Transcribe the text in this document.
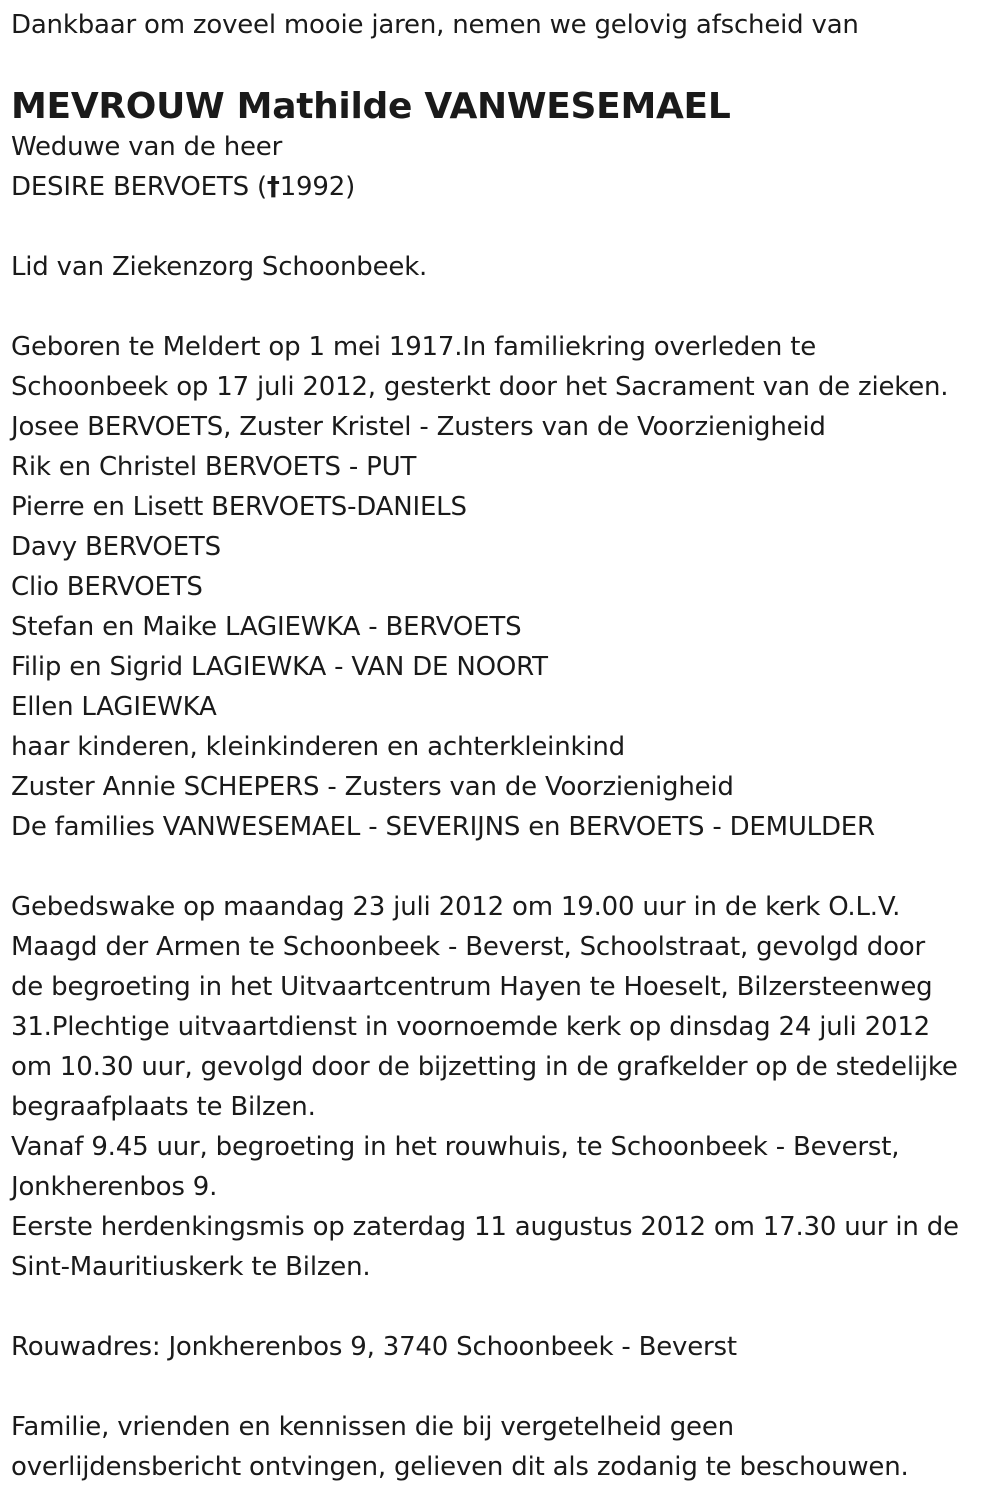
Dankbaar om zoveel mooie jaren, nemen we gelovig afscheid van
MEVROUW Mathilde VANWESEMAEL
Weduwe van de heer
DESIRE BERVOETS (†1992)
Lid van Ziekenzorg Schoonbeek.
Geboren te Meldert op 1 mei 1917.In familiekring overleden te
Schoonbeek op 17 juli 2012, gesterkt door het Sacrament van de zieken.
Josee BERVOETS, Zuster Kristel - Zusters van de Voorzienigheid
Rik en Christel BERVOETS - PUT
Pierre en Lisett BERVOETS-DANIELS
Davy BERVOETS
Clio BERVOETS
Stefan en Maike LAGIEWKA - BERVOETS
Filip en Sigrid LAGIEWKA - VAN DE NOORT
Ellen LAGIEWKA
haar kinderen, kleinkinderen en achterkleinkind
Zuster Annie SCHEPERS - Zusters van de Voorzienigheid
De families VANWESEMAEL - SEVERIJNS en BERVOETS - DEMULDER
Gebedswake op maandag 23 juli 2012 om 19.00 uur in de kerk O.L.V.
Maagd der Armen te Schoonbeek - Beverst, Schoolstraat, gevolgd door
de begroeting in het Uitvaartcentrum Hayen te Hoeselt, Bilzersteenweg
31.Plechtige uitvaartdienst in voornoemde kerk op dinsdag 24 juli 2012
om 10.30 uur, gevolgd door de bijzetting in de grafkelder op de stedelijke
begraafplaats te Bilzen.
Vanaf 9.45 uur, begroeting in het rouwhuis, te Schoonbeek - Beverst,
Jonkherenbos 9.
Eerste herdenkingsmis op zaterdag 11 augustus 2012 om 17.30 uur in de
Sint-Mauritiuskerk te Bilzen.
Rouwadres: Jonkherenbos 9, 3740 Schoonbeek - Beverst
Familie, vrienden en kennissen die bij vergetelheid geen
overlijdensbericht ontvingen, gelieven dit als zodanig te beschouwen.
